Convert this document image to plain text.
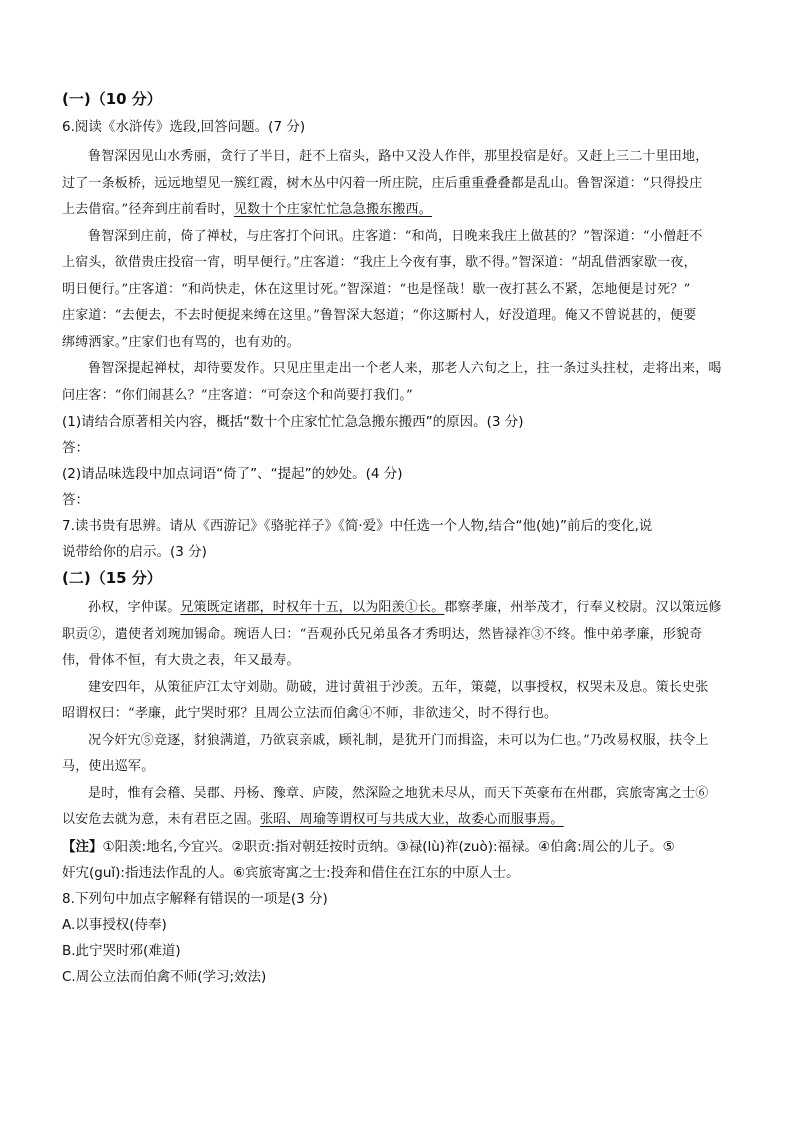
(一)（10 分）

6.阅读《水浒传》选段,回答问题。(7 分)

鲁智深因见山水秀丽，贪行了半日，赶不上宿头，路中又没人作伴，那里投宿是好。又赶上三二十里田地，

过了一条板桥，远远地望见一簇红霞，树木丛中闪着一所庄院，庄后重重叠叠都是乱山。鲁智深道：“只得投庄

上去借宿。”径奔到庄前看时，见数十个庄家忙忙急急搬东搬西。

鲁智深到庄前，倚了禅杖，与庄客打个问讯。庄客道：“和尚，日晚来我庄上做甚的？”智深道：“小僧赶不

上宿头，欲借贵庄投宿一宵，明早便行。”庄客道：“我庄上今夜有事，歇不得。”智深道：“胡乱借洒家歇一夜，

明日便行。”庄客道：“和尚快走，休在这里讨死。”智深道：“也是怪哉！歇一夜打甚么不紧，怎地便是讨死？”

庄家道：“去便去，不去时便捉来缚在这里。”鲁智深大怒道；“你这厮村人，好没道理。俺又不曾说甚的，便要

绑缚洒家。”庄家们也有骂的，也有劝的。

鲁智深提起禅杖，却待要发作。只见庄里走出一个老人来，那老人六旬之上，拄一条过头拄杖，走将出来，喝

问庄客：“你们闹甚么？”庄客道：“可奈这个和尚要打我们。”

(1)请结合原著相关内容，概括“数十个庄家忙忙急急搬东搬西”的原因。(3 分)

答：

(2)请品味选段中加点词语“倚了”、“提起”的妙处。(4 分)

答：

7.读书贵有思辨。请从《西游记》《骆驼祥子》《简·爱》中任选一个人物,结合“他(她)”前后的变化,说

说带给你的启示。(3 分)

(二)（15 分）

孙权，字仲谋。兄策既定诸郡，时权年十五，以为阳羡①长。郡察孝廉，州举茂才，行奉义校尉。汉以策远修

职贡②，遣使者刘琬加锡命。琬语人曰：“吾观孙氏兄弟虽各才秀明达，然皆禄祚③不终。惟中弟孝廉，形貌奇

伟，骨体不恒，有大贵之表，年又最寿。

建安四年，从策征庐江太守刘勋。勋破，进讨黄祖于沙羡。五年，策薨，以事授权，权哭未及息。策长史张

昭谓权曰：“孝廉，此宁哭时邪？且周公立法而伯禽④不师，非欲违父，时不得行也。

况今奸宄⑤竞逐，豺狼满道，乃欲哀亲戚，顾礼制，是犹开门而揖盗，未可以为仁也。”乃改易权服，扶令上

马，使出巡军。

是时，惟有会稽、吴郡、丹杨、豫章、庐陵，然深险之地犹未尽从，而天下英豪布在州郡，宾旅寄寓之士⑥

以安危去就为意，未有君臣之固。张昭、周瑜等谓权可与共成大业，故委心而服事焉。

【注】①阳羡:地名,今宜兴。②职贡:指对朝廷按时贡纳。③禄(lù)祚(zuò):福禄。④伯禽:周公的儿子。⑤

奸宄(guǐ):指违法作乱的人。⑥宾旅寄寓之士:投奔和借住在江东的中原人士。

8.下列句中加点字解释有错误的一项是(3 分)

A.以事授权(侍奉)

B.此宁哭时邪(难道)

C.周公立法而伯禽不师(学习;效法)
